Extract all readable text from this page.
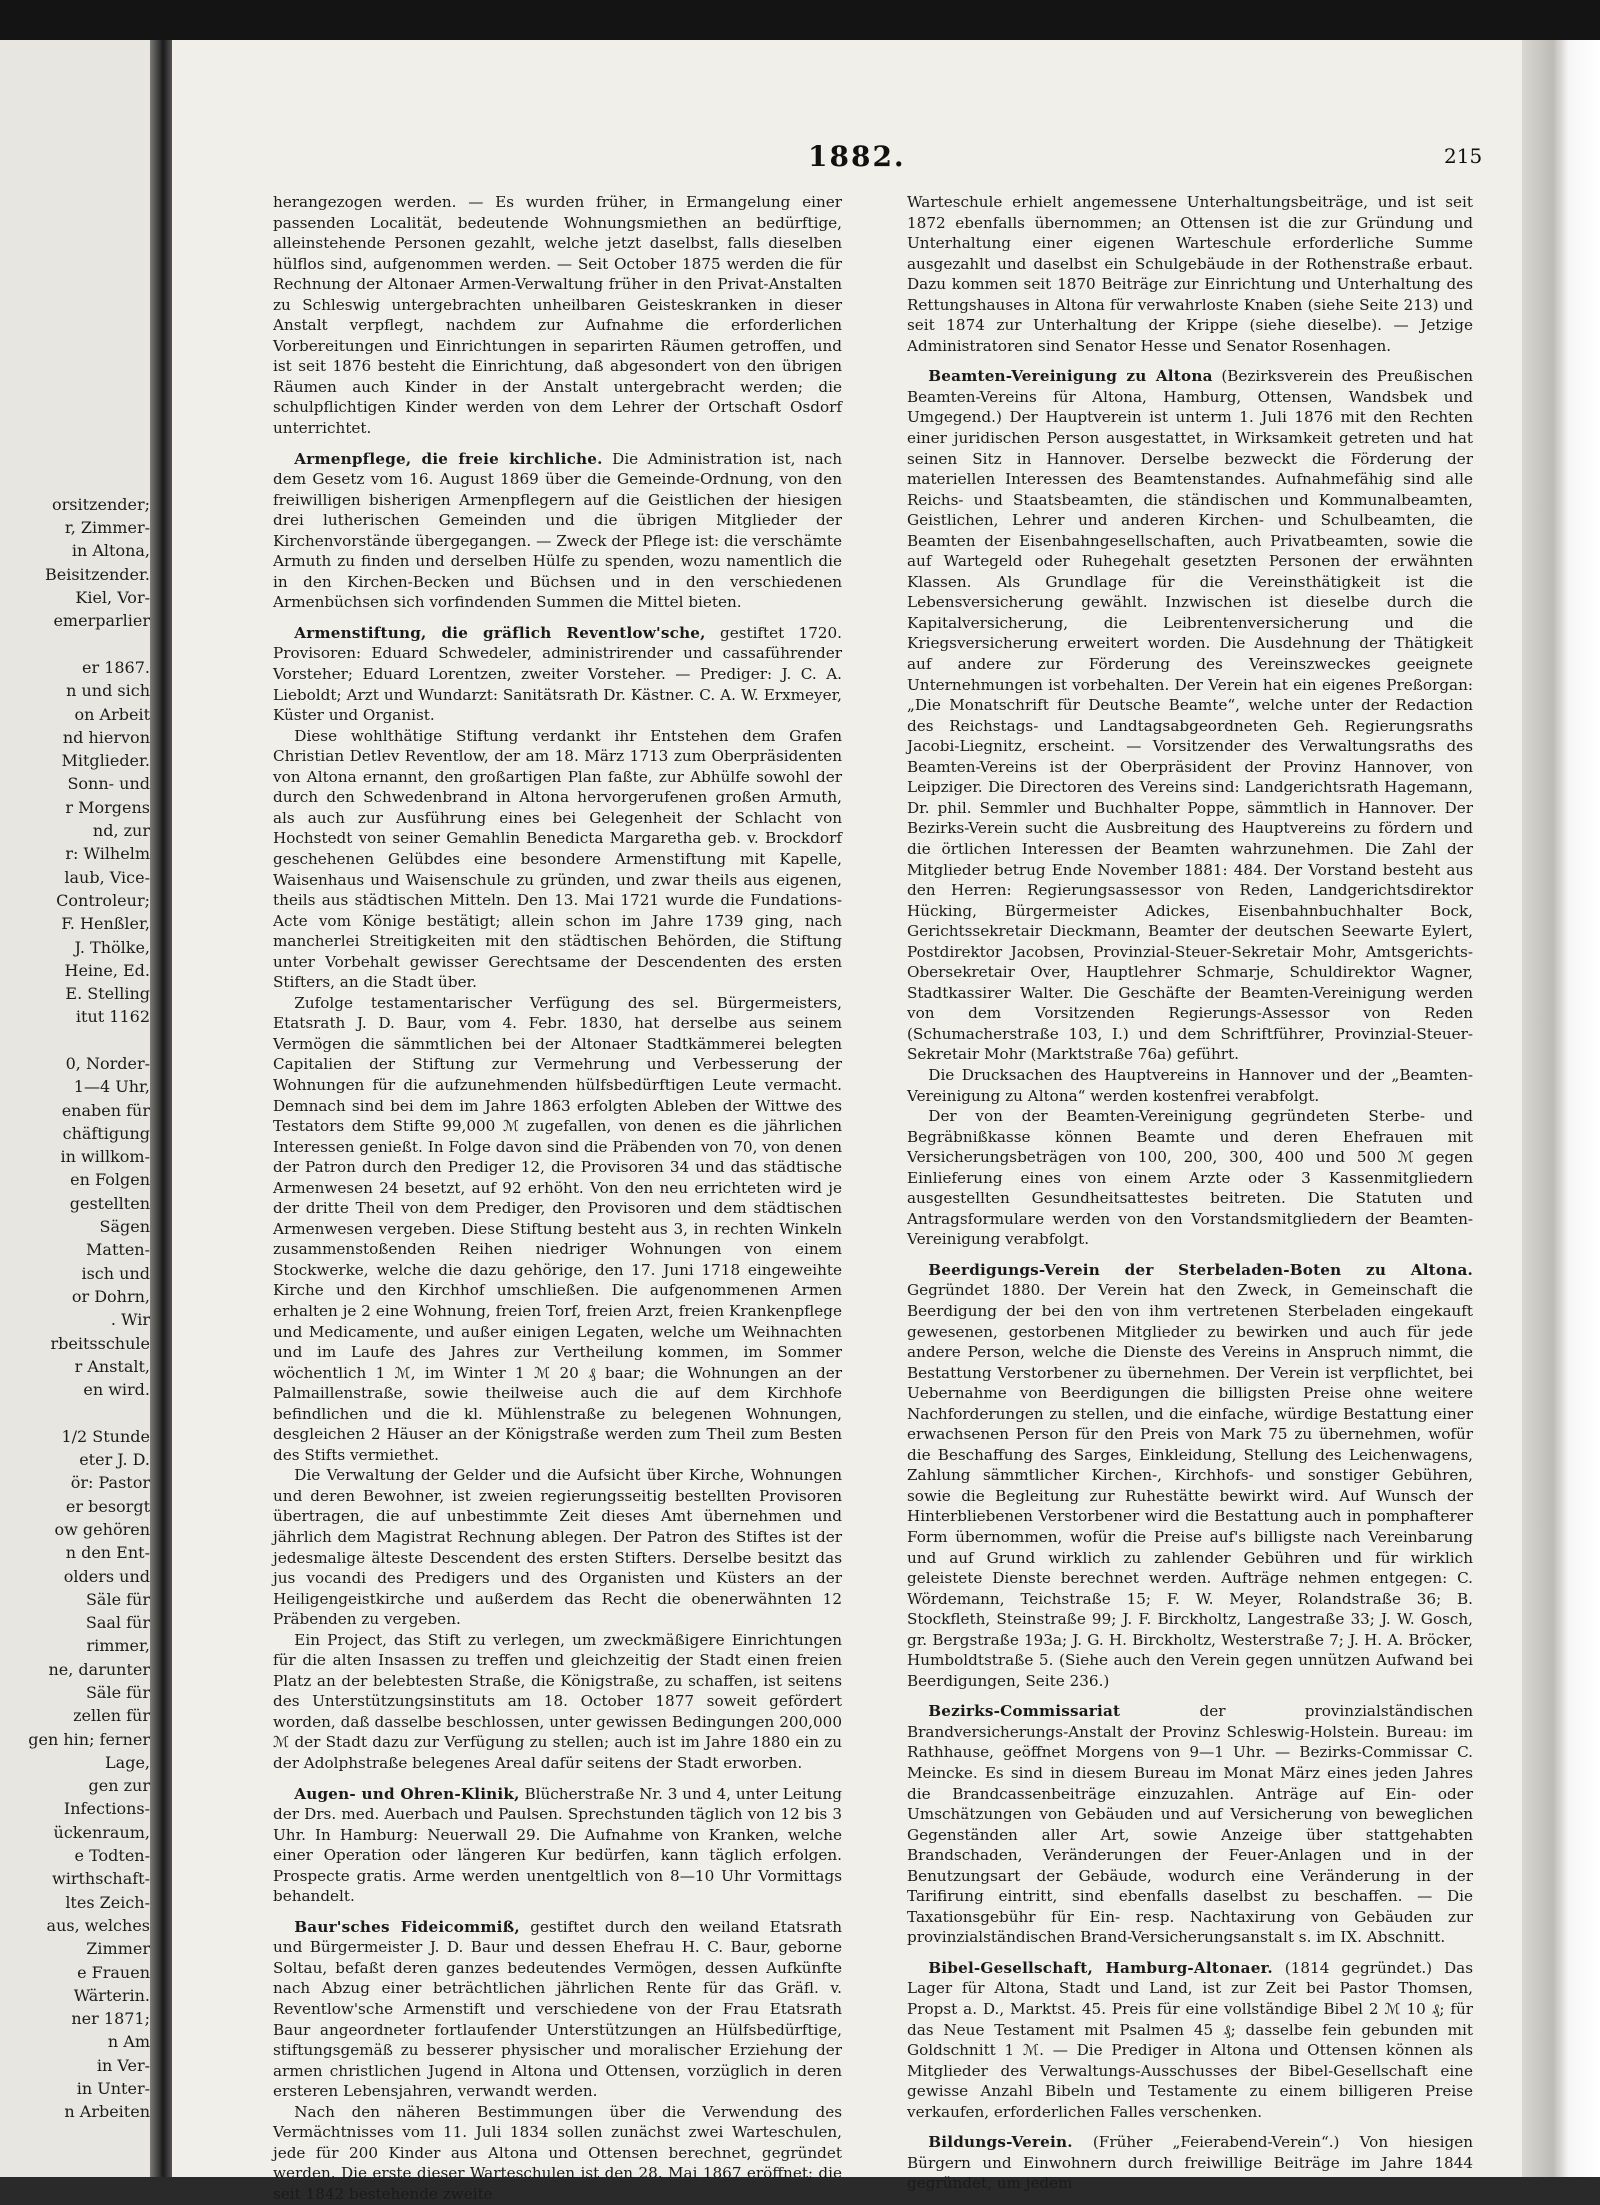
orsitzender;
r, Zimmer-
in Altona,
Beisitzender.
Kiel, Vor-
emerparlier
er 1867.
n und sich
on Arbeit
nd hiervon
Mitglieder.
Sonn- und
r Morgens
nd, zur
r: Wilhelm
laub, Vice-
Controleur;
F. Henßler,
J. Thölke,
Heine, Ed.
E. Stelling
itut 1162
0, Norder-
1—4 Uhr,
enaben für
chäftigung
in willkom-
en Folgen
gestellten
Sägen
Matten-
isch und
or Dohrn,
. Wir
rbeitsschule
r Anstalt,
en wird.
1/2 Stunde
eter J. D.
ör: Pastor
er besorgt
ow gehören
n den Ent-
olders und
Säle für
Saal für
rimmer,
ne, darunter
Säle für
zellen für
gen hin; ferner
Lage,
gen zur
Infections-
ückenraum,
e Todten-
wirthschaft-
ltes Zeich-
aus, welches
Zimmer
e Frauen
Wärterin.
ner 1871;
n Am
in Ver-
in Unter-
n Arbeiten
1882.	215

herangezogen werden. — Es wurden früher, in Ermangelung einer passenden Localität, bedeutende Wohnungsmiethen an bedürftige, alleinstehende Personen gezahlt, welche jetzt daselbst, falls dieselben hülflos sind, aufgenommen werden. — Seit October 1875 werden die für Rechnung der Altonaer Armen-Verwaltung früher in den Privat-Anstalten zu Schleswig untergebrachten unheilbaren Geisteskranken in dieser Anstalt verpflegt, nachdem zur Aufnahme die erforderlichen Vorbereitungen und Einrichtungen in separirten Räumen getroffen, und ist seit 1876 besteht die Einrichtung, daß abgesondert von den übrigen Räumen auch Kinder in der Anstalt untergebracht werden; die schulpflichtigen Kinder werden von dem Lehrer der Ortschaft Osdorf unterrichtet.

Armenpflege, die freie kirchliche. Die Administration ist, nach dem Gesetz vom 16. August 1869 über die Gemeinde-Ordnung, von den freiwilligen bisherigen Armenpflegern auf die Geistlichen der hiesigen drei lutherischen Gemeinden und die übrigen Mitglieder der Kirchenvorstände übergegangen. — Zweck der Pflege ist: die verschämte Armuth zu finden und derselben Hülfe zu spenden, wozu namentlich die in den Kirchen-Becken und Büchsen und in den verschiedenen Armenbüchsen sich vorfindenden Summen die Mittel bieten.

Armenstiftung, die gräflich Reventlow'sche, gestiftet 1720. Provisoren: Eduard Schwedeler, administrirender und cassaführender Vorsteher; Eduard Lorentzen, zweiter Vorsteher. — Prediger: J. C. A. Lieboldt; Arzt und Wundarzt: Sanitätsrath Dr. Kästner. C. A. W. Erxmeyer, Küster und Organist.

Diese wohlthätige Stiftung verdankt ihr Entstehen dem Grafen Christian Detlev Reventlow, der am 18. März 1713 zum Oberpräsidenten von Altona ernannt, den großartigen Plan faßte, zur Abhülfe sowohl der durch den Schwedenbrand in Altona hervorgerufenen großen Armuth, als auch zur Ausführung eines bei Gelegenheit der Schlacht von Hochstedt von seiner Gemahlin Benedicta Margaretha geb. v. Brockdorf geschehenen Gelübdes eine besondere Armenstiftung mit Kapelle, Waisenhaus und Waisenschule zu gründen, und zwar theils aus eigenen, theils aus städtischen Mitteln. Den 13. Mai 1721 wurde die Fundations-Acte vom Könige bestätigt; allein schon im Jahre 1739 ging, nach mancherlei Streitigkeiten mit den städtischen Behörden, die Stiftung unter Vorbehalt gewisser Gerechtsame der Descendenten des ersten Stifters, an die Stadt über.

Zufolge testamentarischer Verfügung des sel. Bürgermeisters, Etatsrath J. D. Baur, vom 4. Febr. 1830, hat derselbe aus seinem Vermögen die sämmtlichen bei der Altonaer Stadtkämmerei belegten Capitalien der Stiftung zur Vermehrung und Verbesserung der Wohnungen für die aufzunehmenden hülfsbedürftigen Leute vermacht. Demnach sind bei dem im Jahre 1863 erfolgten Ableben der Wittwe des Testators dem Stifte 99,000 ℳ zugefallen, von denen es die jährlichen Interessen genießt. In Folge davon sind die Präbenden von 70, von denen der Patron durch den Prediger 12, die Provisoren 34 und das städtische Armenwesen 24 besetzt, auf 92 erhöht. Von den neu errichteten wird je der dritte Theil von dem Prediger, den Provisoren und dem städtischen Armenwesen vergeben. Diese Stiftung besteht aus 3, in rechten Winkeln zusammenstoßenden Reihen niedriger Wohnungen von einem Stockwerke, welche die dazu gehörige, den 17. Juni 1718 eingeweihte Kirche und den Kirchhof umschließen. Die aufgenommenen Armen erhalten je 2 eine Wohnung, freien Torf, freien Arzt, freien Krankenpflege und Medicamente, und außer einigen Legaten, welche um Weihnachten und im Laufe des Jahres zur Vertheilung kommen, im Sommer wöchentlich 1 ℳ, im Winter 1 ℳ 20 ₰ baar; die Wohnungen an der Palmaillenstraße, sowie theilweise auch die auf dem Kirchhofe befindlichen und die kl. Mühlenstraße zu belegenen Wohnungen, desgleichen 2 Häuser an der Königstraße werden zum Theil zum Besten des Stifts vermiethet.

Die Verwaltung der Gelder und die Aufsicht über Kirche, Wohnungen und deren Bewohner, ist zweien regierungsseitig bestellten Provisoren übertragen, die auf unbestimmte Zeit dieses Amt übernehmen und jährlich dem Magistrat Rechnung ablegen. Der Patron des Stiftes ist der jedesmalige älteste Descendent des ersten Stifters. Derselbe besitzt das jus vocandi des Predigers und des Organisten und Küsters an der Heiligengeistkirche und außerdem das Recht die obenerwähnten 12 Präbenden zu vergeben.

Ein Project, das Stift zu verlegen, um zweckmäßigere Einrichtungen für die alten Insassen zu treffen und gleichzeitig der Stadt einen freien Platz an der belebtesten Straße, die Königstraße, zu schaffen, ist seitens des Unterstützungsinstituts am 18. October 1877 soweit gefördert worden, daß dasselbe beschlossen, unter gewissen Bedingungen 200,000 ℳ der Stadt dazu zur Verfügung zu stellen; auch ist im Jahre 1880 ein zu der Adolphstraße belegenes Areal dafür seitens der Stadt erworben.

Augen- und Ohren-Klinik, Blücherstraße Nr. 3 und 4, unter Leitung der Drs. med. Auerbach und Paulsen. Sprechstunden täglich von 12 bis 3 Uhr. In Hamburg: Neuerwall 29. Die Aufnahme von Kranken, welche einer Operation oder längeren Kur bedürfen, kann täglich erfolgen. Prospecte gratis. Arme werden unentgeltlich von 8—10 Uhr Vormittags behandelt.

Baur'sches Fideicommiß, gestiftet durch den weiland Etatsrath und Bürgermeister J. D. Baur und dessen Ehefrau H. C. Baur, geborne Soltau, befaßt deren ganzes bedeutendes Vermögen, dessen Aufkünfte nach Abzug einer beträchtlichen jährlichen Rente für das Gräfl. v. Reventlow'sche Armenstift und verschiedene von der Frau Etatsrath Baur angeordneter fortlaufender Unterstützungen an Hülfsbedürftige, stiftungsgemäß zu besserer physischer und moralischer Erziehung der armen christlichen Jugend in Altona und Ottensen, vorzüglich in deren ersteren Lebensjahren, verwandt werden.

Nach den näheren Bestimmungen über die Verwendung des Vermächtnisses vom 11. Juli 1834 sollen zunächst zwei Warteschulen, jede für 200 Kinder aus Altona und Ottensen berechnet, gegründet werden. Die erste dieser Warteschulen ist den 28. Mai 1867 eröffnet; die seit 1842 bestehende zweite

Warteschule erhielt angemessene Unterhaltungsbeiträge, und ist seit 1872 ebenfalls übernommen; an Ottensen ist die zur Gründung und Unterhaltung einer eigenen Warteschule erforderliche Summe ausgezahlt und daselbst ein Schulgebäude in der Rothenstraße erbaut. Dazu kommen seit 1870 Beiträge zur Einrichtung und Unterhaltung des Rettungshauses in Altona für verwahrloste Knaben (siehe Seite 213) und seit 1874 zur Unterhaltung der Krippe (siehe dieselbe). — Jetzige Administratoren sind Senator Hesse und Senator Rosenhagen.

Beamten-Vereinigung zu Altona (Bezirksverein des Preußischen Beamten-Vereins für Altona, Hamburg, Ottensen, Wandsbek und Umgegend.) Der Hauptverein ist unterm 1. Juli 1876 mit den Rechten einer juridischen Person ausgestattet, in Wirksamkeit getreten und hat seinen Sitz in Hannover. Derselbe bezweckt die Förderung der materiellen Interessen des Beamtenstandes. Aufnahmefähig sind alle Reichs- und Staatsbeamten, die ständischen und Kommunalbeamten, Geistlichen, Lehrer und anderen Kirchen- und Schulbeamten, die Beamten der Eisenbahngesellschaften, auch Privatbeamten, sowie die auf Wartegeld oder Ruhegehalt gesetzten Personen der erwähnten Klassen. Als Grundlage für die Vereinsthätigkeit ist die Lebensversicherung gewählt. Inzwischen ist dieselbe durch die Kapitalversicherung, die Leibrentenversicherung und die Kriegsversicherung erweitert worden. Die Ausdehnung der Thätigkeit auf andere zur Förderung des Vereinszweckes geeignete Unternehmungen ist vorbehalten. Der Verein hat ein eigenes Preßorgan: „Die Monatschrift für Deutsche Beamte“, welche unter der Redaction des Reichstags- und Landtagsabgeordneten Geh. Regierungsraths Jacobi-Liegnitz, erscheint. — Vorsitzender des Verwaltungsraths des Beamten-Vereins ist der Oberpräsident der Provinz Hannover, von Leipziger. Die Directoren des Vereins sind: Landgerichtsrath Hagemann, Dr. phil. Semmler und Buchhalter Poppe, sämmtlich in Hannover. Der Bezirks-Verein sucht die Ausbreitung des Hauptvereins zu fördern und die örtlichen Interessen der Beamten wahrzunehmen. Die Zahl der Mitglieder betrug Ende November 1881: 484. Der Vorstand besteht aus den Herren: Regierungsassessor von Reden, Landgerichtsdirektor Hücking, Bürgermeister Adickes, Eisenbahnbuchhalter Bock, Gerichtssekretair Dieckmann, Beamter der deutschen Seewarte Eylert, Postdirektor Jacobsen, Provinzial-Steuer-Sekretair Mohr, Amtsgerichts-Obersekretair Over, Hauptlehrer Schmarje, Schuldirektor Wagner, Stadtkassirer Walter. Die Geschäfte der Beamten-Vereinigung werden von dem Vorsitzenden Regierungs-Assessor von Reden (Schumacherstraße 103, I.) und dem Schriftführer, Provinzial-Steuer-Sekretair Mohr (Marktstraße 76a) geführt.

Die Drucksachen des Hauptvereins in Hannover und der „Beamten-Vereinigung zu Altona“ werden kostenfrei verabfolgt.

Der von der Beamten-Vereinigung gegründeten Sterbe- und Begräbnißkasse können Beamte und deren Ehefrauen mit Versicherungsbeträgen von 100, 200, 300, 400 und 500 ℳ gegen Einlieferung eines von einem Arzte oder 3 Kassenmitgliedern ausgestellten Gesundheitsattestes beitreten. Die Statuten und Antragsformulare werden von den Vorstandsmitgliedern der Beamten-Vereinigung verabfolgt.

Beerdigungs-Verein der Sterbeladen-Boten zu Altona. Gegründet 1880. Der Verein hat den Zweck, in Gemeinschaft die Beerdigung der bei den von ihm vertretenen Sterbeladen eingekauft gewesenen, gestorbenen Mitglieder zu bewirken und auch für jede andere Person, welche die Dienste des Vereins in Anspruch nimmt, die Bestattung Verstorbener zu übernehmen. Der Verein ist verpflichtet, bei Uebernahme von Beerdigungen die billigsten Preise ohne weitere Nachforderungen zu stellen, und die einfache, würdige Bestattung einer erwachsenen Person für den Preis von Mark 75 zu übernehmen, wofür die Beschaffung des Sarges, Einkleidung, Stellung des Leichenwagens, Zahlung sämmtlicher Kirchen-, Kirchhofs- und sonstiger Gebühren, sowie die Begleitung zur Ruhestätte bewirkt wird. Auf Wunsch der Hinterbliebenen Verstorbener wird die Bestattung auch in pomphafterer Form übernommen, wofür die Preise auf's billigste nach Vereinbarung und auf Grund wirklich zu zahlender Gebühren und für wirklich geleistete Dienste berechnet werden. Aufträge nehmen entgegen: C. Wördemann, Teichstraße 15; F. W. Meyer, Rolandstraße 36; B. Stockfleth, Steinstraße 99; J. F. Birckholtz, Langestraße 33; J. W. Gosch, gr. Bergstraße 193a; J. G. H. Birckholtz, Westerstraße 7; J. H. A. Bröcker, Humboldtstraße 5. (Siehe auch den Verein gegen unnützen Aufwand bei Beerdigungen, Seite 236.)

Bezirks-Commissariat	der provinzialständischen Brandversicherungs-Anstalt der Provinz Schleswig-Holstein. Bureau: im Rathhause, geöffnet Morgens von 9—1 Uhr. — Bezirks-Commissar C. Meincke. Es sind in diesem Bureau im Monat März eines jeden Jahres die Brandcassenbeiträge einzuzahlen. Anträge auf Ein- oder Umschätzungen von Gebäuden und auf Versicherung von beweglichen Gegenständen aller Art, sowie Anzeige über stattgehabten Brandschaden, Veränderungen der Feuer-Anlagen und in der Benutzungsart der Gebäude, wodurch eine Veränderung in der Tarifirung eintritt, sind ebenfalls daselbst zu beschaffen. — Die Taxationsgebühr für Ein- resp. Nachtaxirung von Gebäuden zur provinzialständischen Brand-Versicherungsanstalt s. im IX. Abschnitt.

Bibel-Gesellschaft, Hamburg-Altonaer. (1814 gegründet.) Das Lager für Altona, Stadt und Land, ist zur Zeit bei Pastor Thomsen, Propst a. D., Marktst. 45. Preis für eine vollständige Bibel 2 ℳ 10 ₰; für das Neue Testament mit Psalmen 45 ₰; dasselbe fein gebunden mit Goldschnitt 1 ℳ. — Die Prediger in Altona und Ottensen können als Mitglieder des Verwaltungs-Ausschusses der Bibel-Gesellschaft eine gewisse Anzahl Bibeln und Testamente zu einem billigeren Preise verkaufen, erforderlichen Falles verschenken.

Bildungs-Verein. (Früher „Feierabend-Verein“.) Von hiesigen Bürgern und Einwohnern durch freiwillige Beiträge im Jahre 1844 gegründet, um jedem
